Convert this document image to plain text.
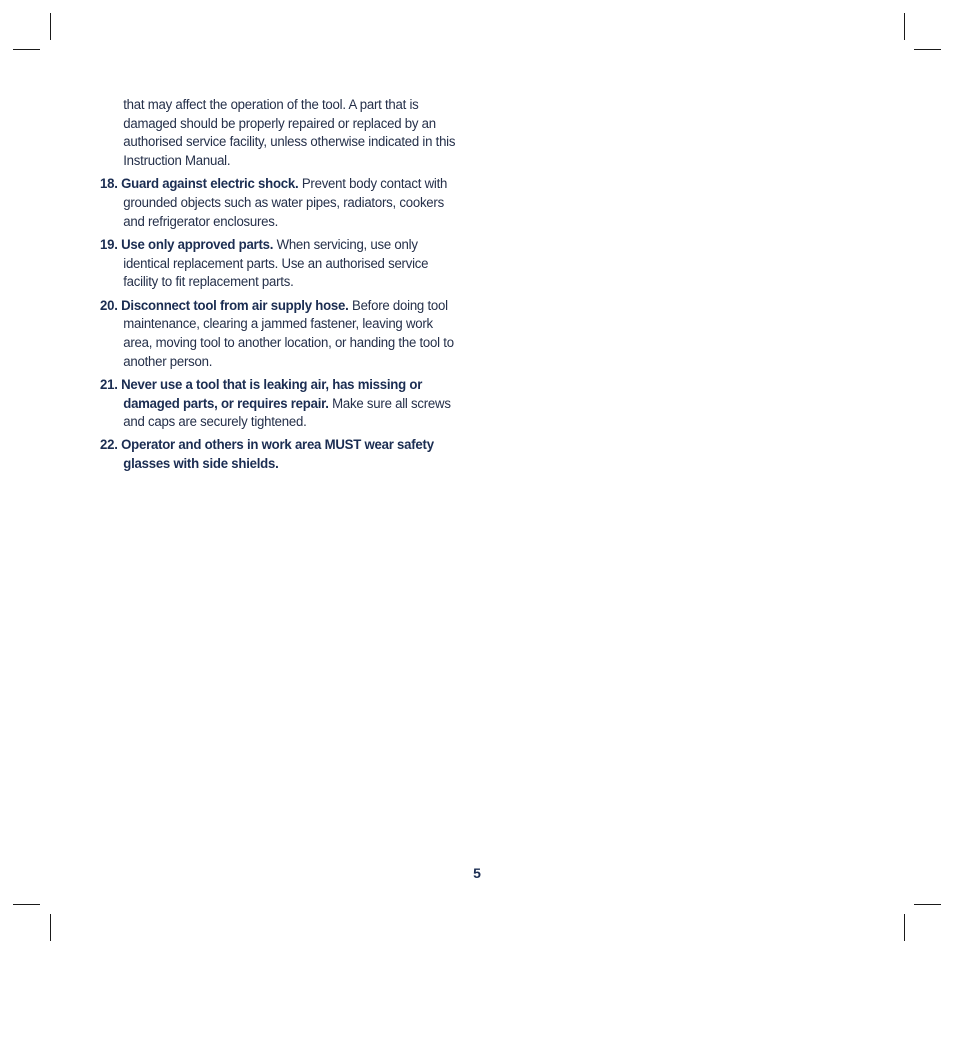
that may affect the operation of the tool. A part that is damaged should be properly repaired or replaced by an authorised service facility, unless otherwise indicated in this Instruction Manual.

18. Guard against electric shock. Prevent body contact with grounded objects such as water pipes, radiators, cookers and refrigerator enclosures.

19. Use only approved parts. When servicing, use only identical replacement parts. Use an authorised service facility to fit replacement parts.

20. Disconnect tool from air supply hose. Before doing tool maintenance, clearing a jammed fastener, leaving work area, moving tool to another location, or handing the tool to another person.

21. Never use a tool that is leaking air, has missing or damaged parts, or requires repair. Make sure all screws and caps are securely tightened.

22. Operator and others in work area MUST wear safety glasses with side shields.

5
